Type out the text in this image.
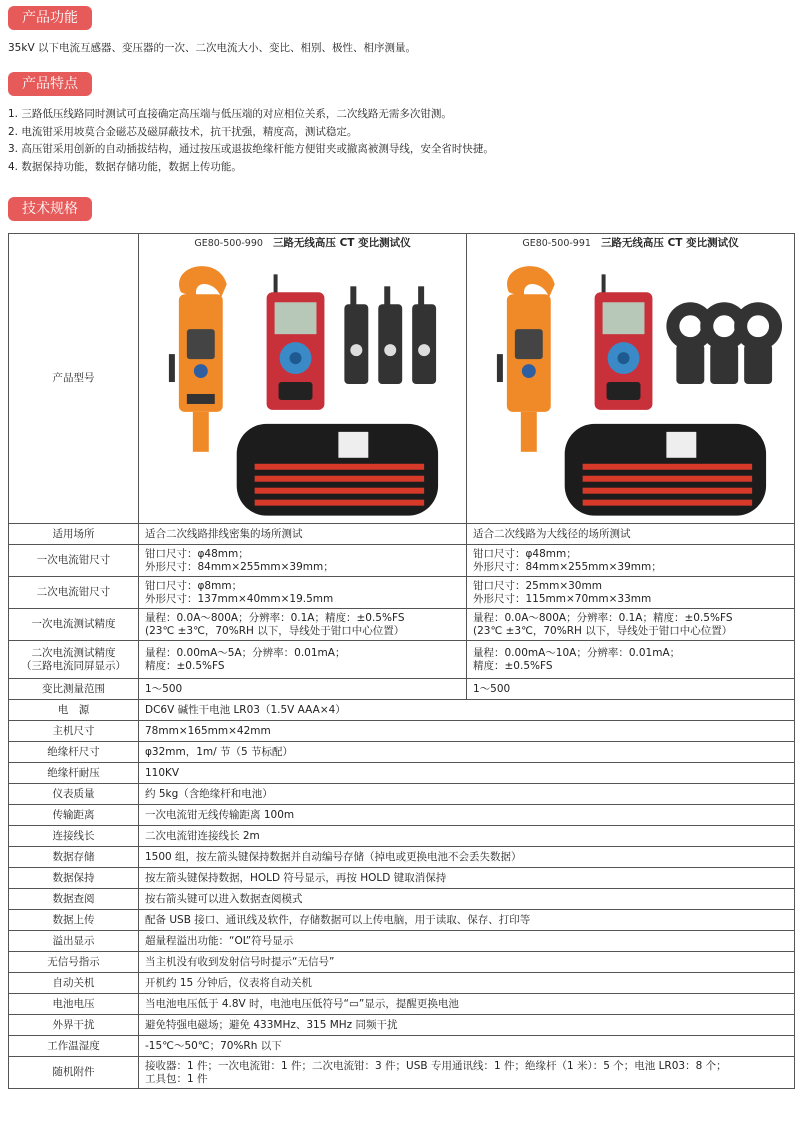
产品功能
35kV 以下电流互感器、变压器的一次、二次电流大小、变比、相别、极性、相序测量。
产品特点
1. 三路低压线路同时测试可直接确定高压端与低压端的对应相位关系，二次线路无需多次钳测。
2. 电流钳采用坡莫合金磁芯及磁屏蔽技术，抗干扰强，精度高，测试稳定。
3. 高压钳采用创新的自动插拔结构，通过按压或退拔绝缘杆能方便钳夹或撤离被测导线，安全省时快捷。
4. 数据保持功能，数据存储功能，数据上传功能。
技术规格
产品型号	GE80-500-990 三路无线高压 CT 变比测试仪	GE80-500-991 三路无线高压 CT 变比测试仪

适用场所	适合二次线路排线密集的场所测试	适合二次线路为大线径的场所测试

一次电流钳尺寸	钳口尺寸：φ48mm；
外形尺寸：84mm×255mm×39mm；	钳口尺寸：φ48mm；
外形尺寸：84mm×255mm×39mm；

二次电流钳尺寸	钳口尺寸：φ8mm；
外形尺寸：137mm×40mm×19.5mm	钳口尺寸：25mm×30mm
外形尺寸：115mm×70mm×33mm

一次电流测试精度	量程：0.0A～800A；分辨率：0.1A；精度：±0.5%FS
(23℃ ±3℃，70%RH 以下，导线处于钳口中心位置）	量程：0.0A～800A；分辨率：0.1A；精度：±0.5%FS
(23℃ ±3℃，70%RH 以下，导线处于钳口中心位置）

二次电流测试精度
（三路电流同屏显示）	量程：0.00mA～5A；分辨率：0.01mA；
精度：±0.5%FS	量程：0.00mA～10A；分辨率：0.01mA；
精度：±0.5%FS

变比测量范围	1～500	1～500

电　源	DC6V 碱性干电池 LR03（1.5V AAA×4）	

主机尺寸	78mm×165mm×42mm	

绝缘杆尺寸	φ32mm，1m/ 节（5 节标配）	

绝缘杆耐压	110KV	

仪表质量	约 5kg（含绝缘杆和电池）	

传输距离	一次电流钳无线传输距离 100m	

连接线长	二次电流钳连接线长 2m	

数据存储	1500 组，按左箭头键保持数据并自动编号存储（掉电或更换电池不会丢失数据）	

数据保持	按左箭头键保持数据，HOLD 符号显示，再按 HOLD 键取消保持	

数据查阅	按右箭头键可以进入数据查阅模式	

数据上传	配备 USB 接口、通讯线及软件，存储数据可以上传电脑，用于读取、保存、打印等	

溢出显示	超量程溢出功能：“OL”符号显示	

无信号指示	当主机没有收到发射信号时提示“无信号”	

自动关机	开机约 15 分钟后，仪表将自动关机	

电池电压	当电池电压低于 4.8V 时，电池电压低符号“▭”显示，提醒更换电池	

外界干扰	避免特强电磁场；避免 433MHz、315 MHz 同频干扰	

工作温湿度	-15℃～50℃；70%Rh 以下	

随机附件	接收器：1 件；一次电流钳：1 件；二次电流钳：3 件；USB 专用通讯线：1 件；绝缘杆（1 米）：5 个；电池 LR03：8 个；
工具包：1 件	
